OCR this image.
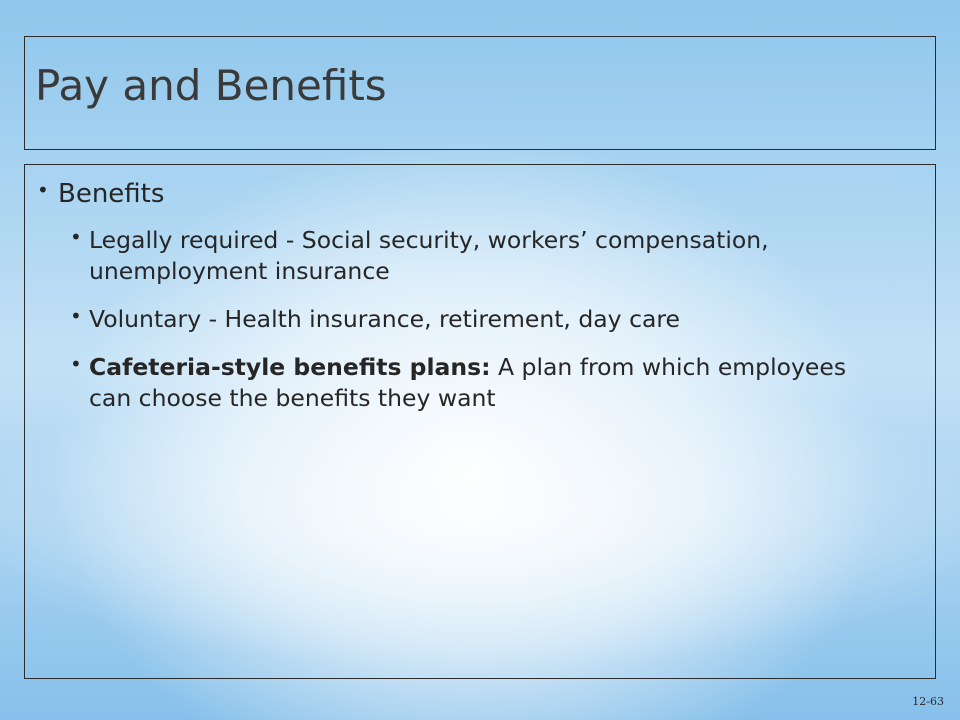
Pay and Benefits
• Benefits
• Legally required - Social security, workers’ compensation, unemployment insurance
• Voluntary - Health insurance, retirement, day care
• Cafeteria-style benefits plans: A plan from which employees can choose the benefits they want
12-63
